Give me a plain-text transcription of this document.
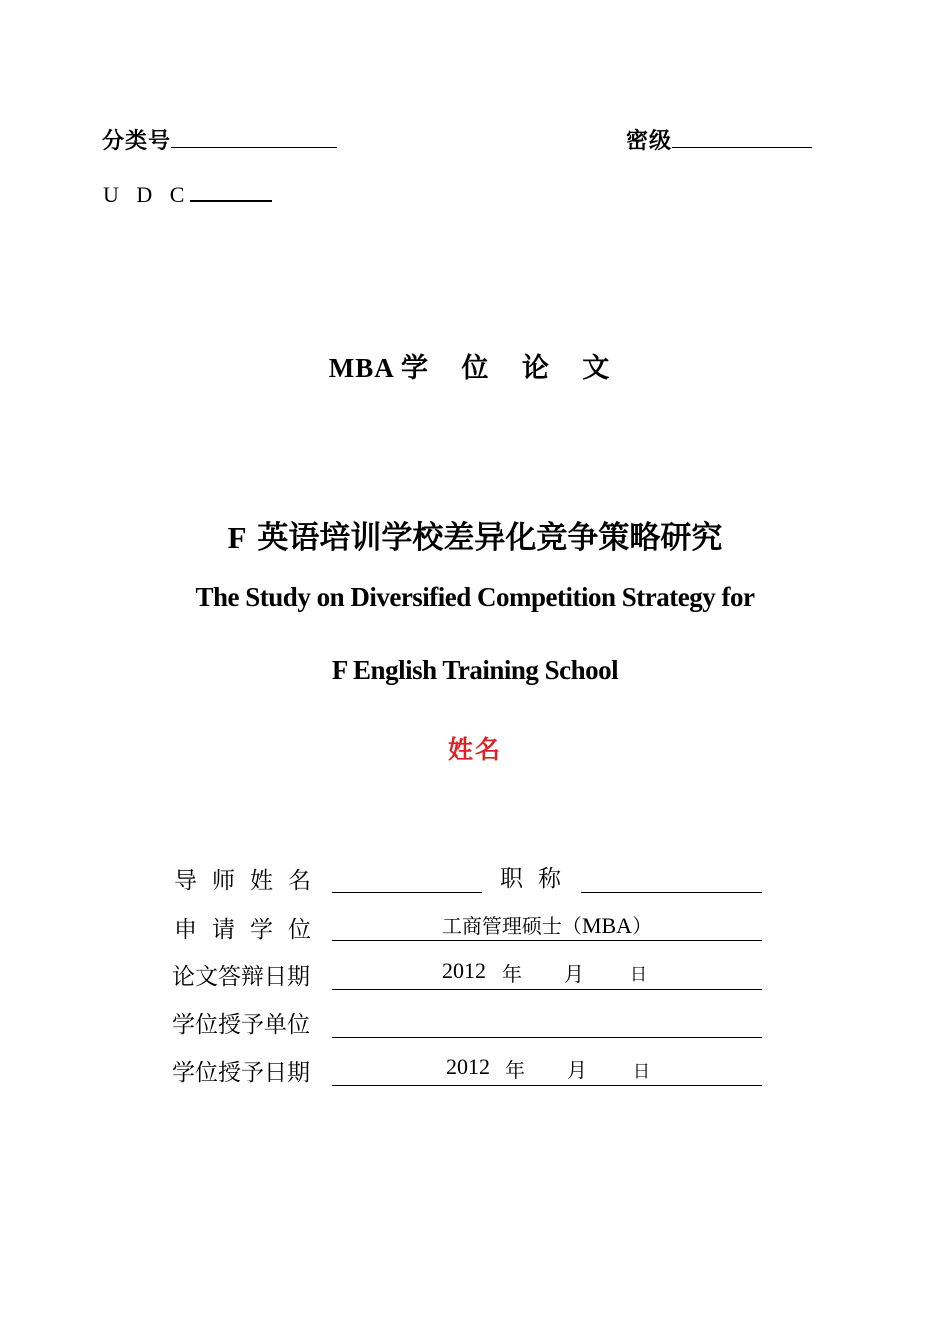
分类号	密级
U D C
MBA 学 位 论 文
F 英语培训学校差异化竞争策略研究
The Study on Diversified Competition Strategy for
F English Training School
姓名
导师姓名	职称
申请学位	工商管理硕士（MBA）
论文答辩日期	2012 年 月	日
学位授予单位
学位授予日期	2012 年 月	日
